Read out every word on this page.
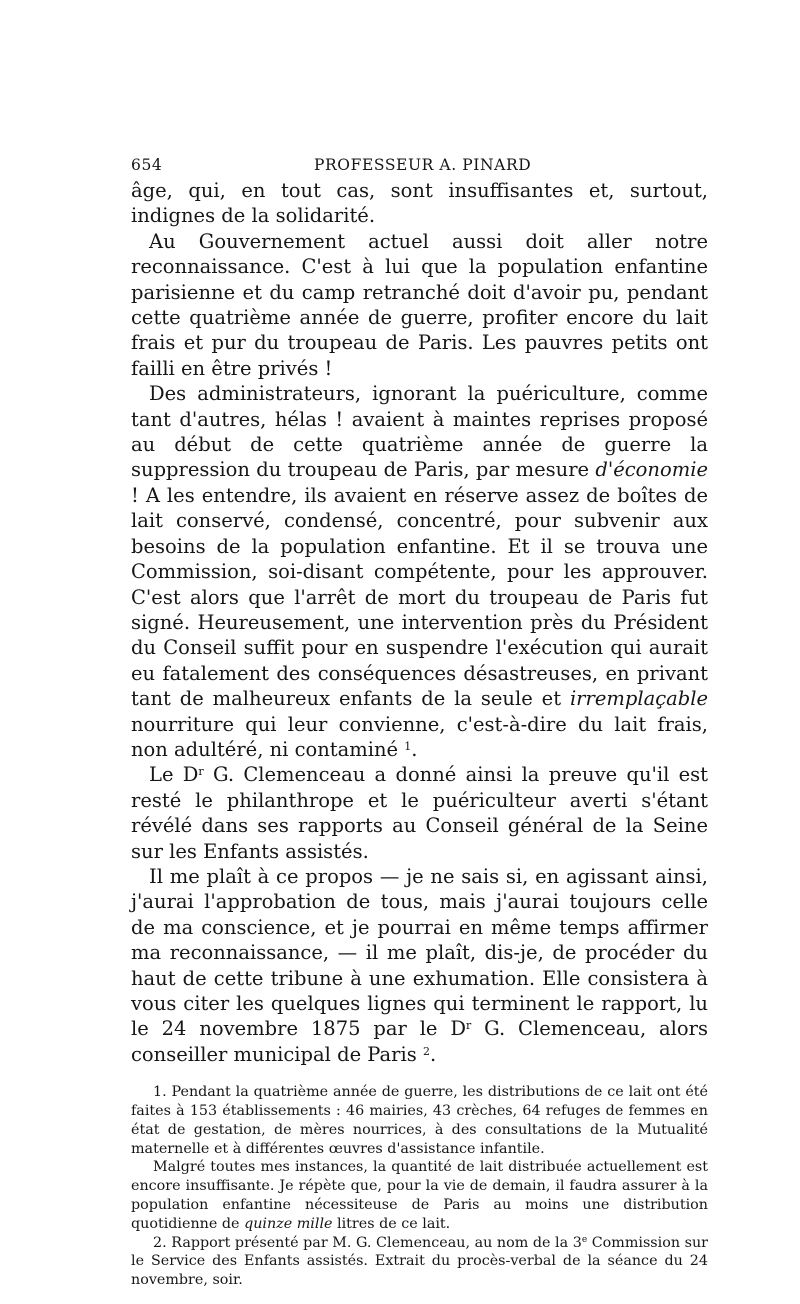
654	PROFESSEUR A. PINARD

âge, qui, en tout cas, sont insuffisantes et, surtout, indignes de la solidarité.

Au Gouvernement actuel aussi doit aller notre reconnaissance. C'est à lui que la population enfantine parisienne et du camp retranché doit d'avoir pu, pendant cette quatrième année de guerre, profiter encore du lait frais et pur du troupeau de Paris. Les pauvres petits ont failli en être privés !

Des administrateurs, ignorant la puériculture, comme tant d'autres, hélas ! avaient à maintes reprises proposé au début de cette quatrième année de guerre la suppression du troupeau de Paris, par mesure d'économie ! A les entendre, ils avaient en réserve assez de boîtes de lait conservé, condensé, concentré, pour subvenir aux besoins de la population enfantine. Et il se trouva une Commission, soi-disant compétente, pour les approuver. C'est alors que l'arrêt de mort du troupeau de Paris fut signé. Heureusement, une intervention près du Président du Conseil suffit pour en suspendre l'exécution qui aurait eu fatalement des conséquences désastreuses, en privant tant de malheureux enfants de la seule et irremplaçable nourriture qui leur convienne, c'est-à-dire du lait frais, non adultéré, ni contaminé $^1$.

Le $D^r$ G. Clemenceau a donné ainsi la preuve qu'il est resté le philanthrope et le puériculteur averti s'étant révélé dans ses rapports au Conseil général de la Seine sur les Enfants assistés.

Il me plaît à ce propos — je ne sais si, en agissant ainsi, j'aurai l'approbation de tous, mais j'aurai toujours celle de ma conscience, et je pourrai en même temps affirmer ma reconnaissance, — il me plaît, dis-je, de procéder du haut de cette tribune à une exhumation. Elle consistera à vous citer les quelques lignes qui terminent le rapport, lu le 24 novembre 1875 par le $D^r$ G. Clemenceau, alors conseiller municipal de Paris $^2$.

1. Pendant la quatrième année de guerre, les distributions de ce lait ont été faites à 153 établissements : 46 mairies, 43 crèches, 64 refuges de femmes en état de gestation, de mères nourrices, à des consultations de la Mutualité maternelle et à différentes œuvres d'assistance infantile.

Malgré toutes mes instances, la quantité de lait distribuée actuellement est encore insuffisante. Je répète que, pour la vie de demain, il faudra assurer à la population enfantine nécessiteuse de Paris au moins une distribution quotidienne de quinze mille litres de ce lait.

2. Rapport présenté par M. G. Clemenceau, au nom de la 3e Commission sur le Service des Enfants assistés. Extrait du procès-verbal de la séance du 24 novembre, soir.
